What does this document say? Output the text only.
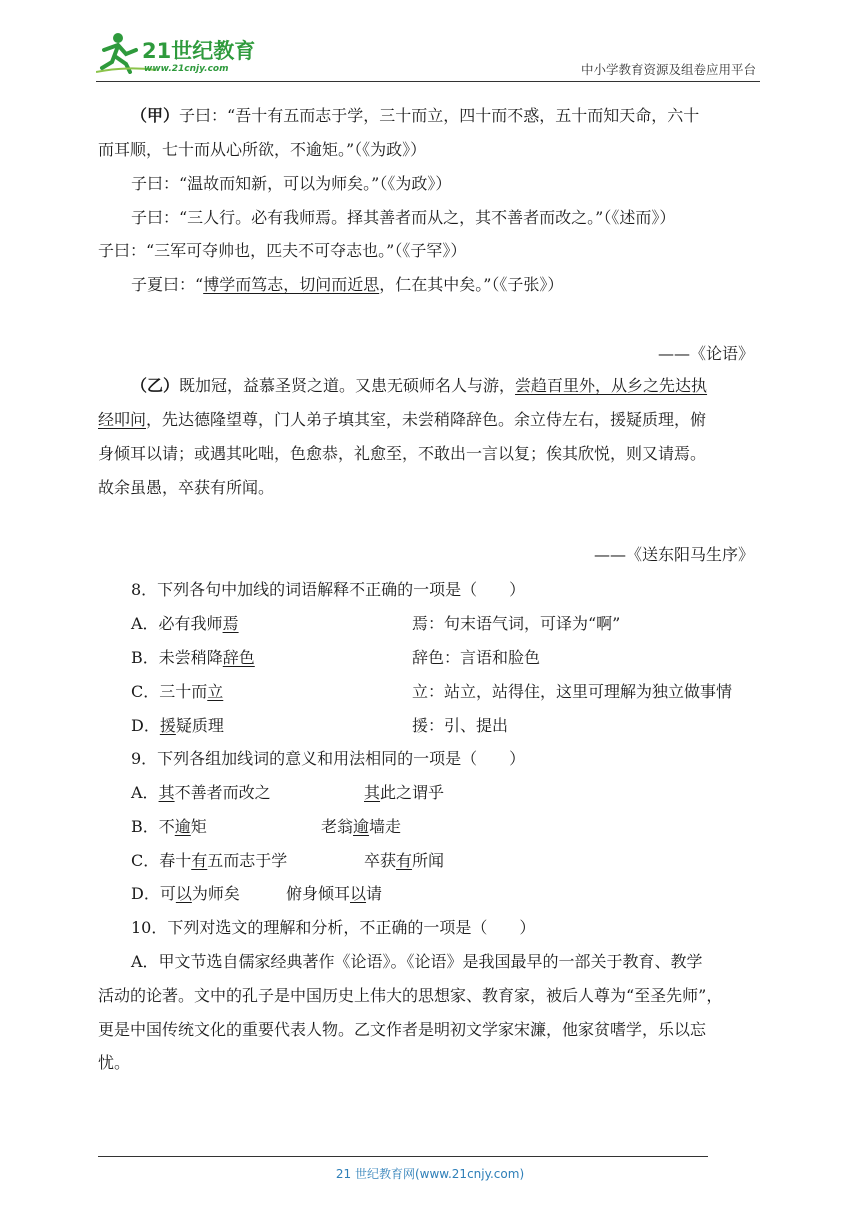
21世纪教育
www.21cnjy.com	中小学教育资源及组卷应用平台
（甲）子曰：“吾十有五而志于学，三十而立，四十而不惑，五十而知天命，六十
而耳顺，七十而从心所欲，不逾矩。”（《为政》）
子曰：“温故而知新，可以为师矣。”（《为政》）
子曰：“三人行。必有我师焉。择其善者而从之，其不善者而改之。”（《述而》）
子曰：“三军可夺帅也，匹夫不可夺志也。”（《子罕》）
子夏曰：“博学而笃志，切问而近思，仁在其中矣。”（《子张》）
——《论语》
（乙）既加冠，益慕圣贤之道。又患无硕师名人与游，尝趋百里外，从乡之先达执
经叩问，先达德隆望尊，门人弟子填其室，未尝稍降辞色。余立侍左右，援疑质理，俯
身倾耳以请；或遇其叱咄，色愈恭，礼愈至，不敢出一言以复；俟其欣悦，则又请焉。
故余虽愚，卒获有所闻。
——《送东阳马生序》
8．下列各句中加线的词语解释不正确的一项是（　　）
A．必有我师焉	焉：句末语气词，可译为“啊”
B．未尝稍降辞色	辞色：言语和脸色
C．三十而立	立：站立，站得住，这里可理解为独立做事情
D．援疑质理	援：引、提出
9．下列各组加线词的意义和用法相同的一项是（　　）
A．其不善者而改之	其此之谓乎
B．不逾矩	老翁逾墙走
C．春十有五而志于学	卒获有所闻
D．可以为师矣	俯身倾耳以请
10．下列对选文的理解和分析，不正确的一项是（　　）
A．甲文节选自儒家经典著作《论语》。《论语》是我国最早的一部关于教育、教学
活动的论著。文中的孔子是中国历史上伟大的思想家、教育家，被后人尊为“至圣先师”，
更是中国传统文化的重要代表人物。乙文作者是明初文学家宋濂，他家贫嗜学，乐以忘
忧。
21 世纪教育网(www.21cnjy.com)
